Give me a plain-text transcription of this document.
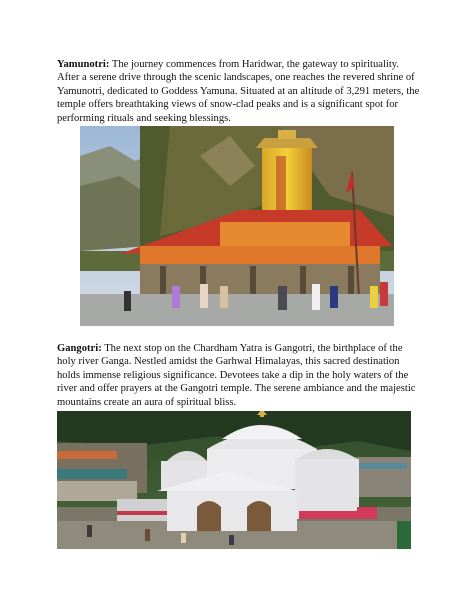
Yamunotri: The journey commences from Haridwar, the gateway to spirituality. After a serene drive through the scenic landscapes, one reaches the revered shrine of Yamunotri, dedicated to Goddess Yamuna. Situated at an altitude of 3,291 meters, the temple offers breathtaking views of snow-clad peaks and is a significant spot for performing rituals and seeking blessings.

Gangotri: The next stop on the Chardham Yatra is Gangotri, the birthplace of the holy river Ganga. Nestled amidst the Garhwal Himalayas, this sacred destination holds immense religious significance. Devotees take a dip in the holy waters of the river and offer prayers at the Gangotri temple. The serene ambiance and the majestic mountains create an aura of spiritual bliss.
